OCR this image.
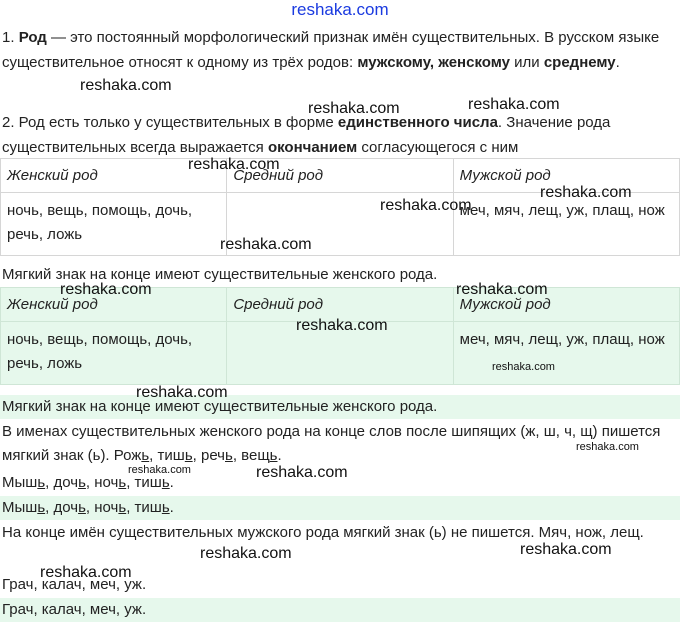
reshaka.com

1. Род — это постоянный морфологический признак имён существительных. В русском языке существительное относят к одному из трёх родов: мужскому, женскому или среднему.

2. Род есть только у существительных в форме единственного числа. Значение рода существительных всегда выражается окончанием согласующегося с ним

Женский род	Средний род	Мужской род
ночь, вещь, помощь, дочь, речь, ложь		меч, мяч, лещ, уж, плащ, нож
Мягкий знак на конце имеют существительные женского рода.
Женский род	Средний род	Мужской род
ночь, вещь, помощь, дочь, речь, ложь		меч, мяч, лещ, уж, плащ, нож
Мягкий знак на конце имеют существительные женского рода.

В именах существительных женского рода на конце слов после шипящих (ж, ш, ч, щ) пишется мягкий знак (ь). Рожь, тишь, речь, вещь.

Мышь, дочь, ночь, тишь.
Мышь, дочь, ночь, тишь.

На конце имён существительных мужского рода мягкий знак (ь) не пишется. Мяч, нож, лещ.

Грач, калач, меч, уж.
Грач, калач, меч, уж.
reshaka.com
reshaka.com	reshaka.com
reshaka.com
reshaka.com
reshaka.com
reshaka.com
reshaka.com	reshaka.com
reshaka.com
reshaka.com
reshaka.com
reshaka.com
reshaka.com	reshaka.com
reshaka.com
reshaka.com
reshaka.com
